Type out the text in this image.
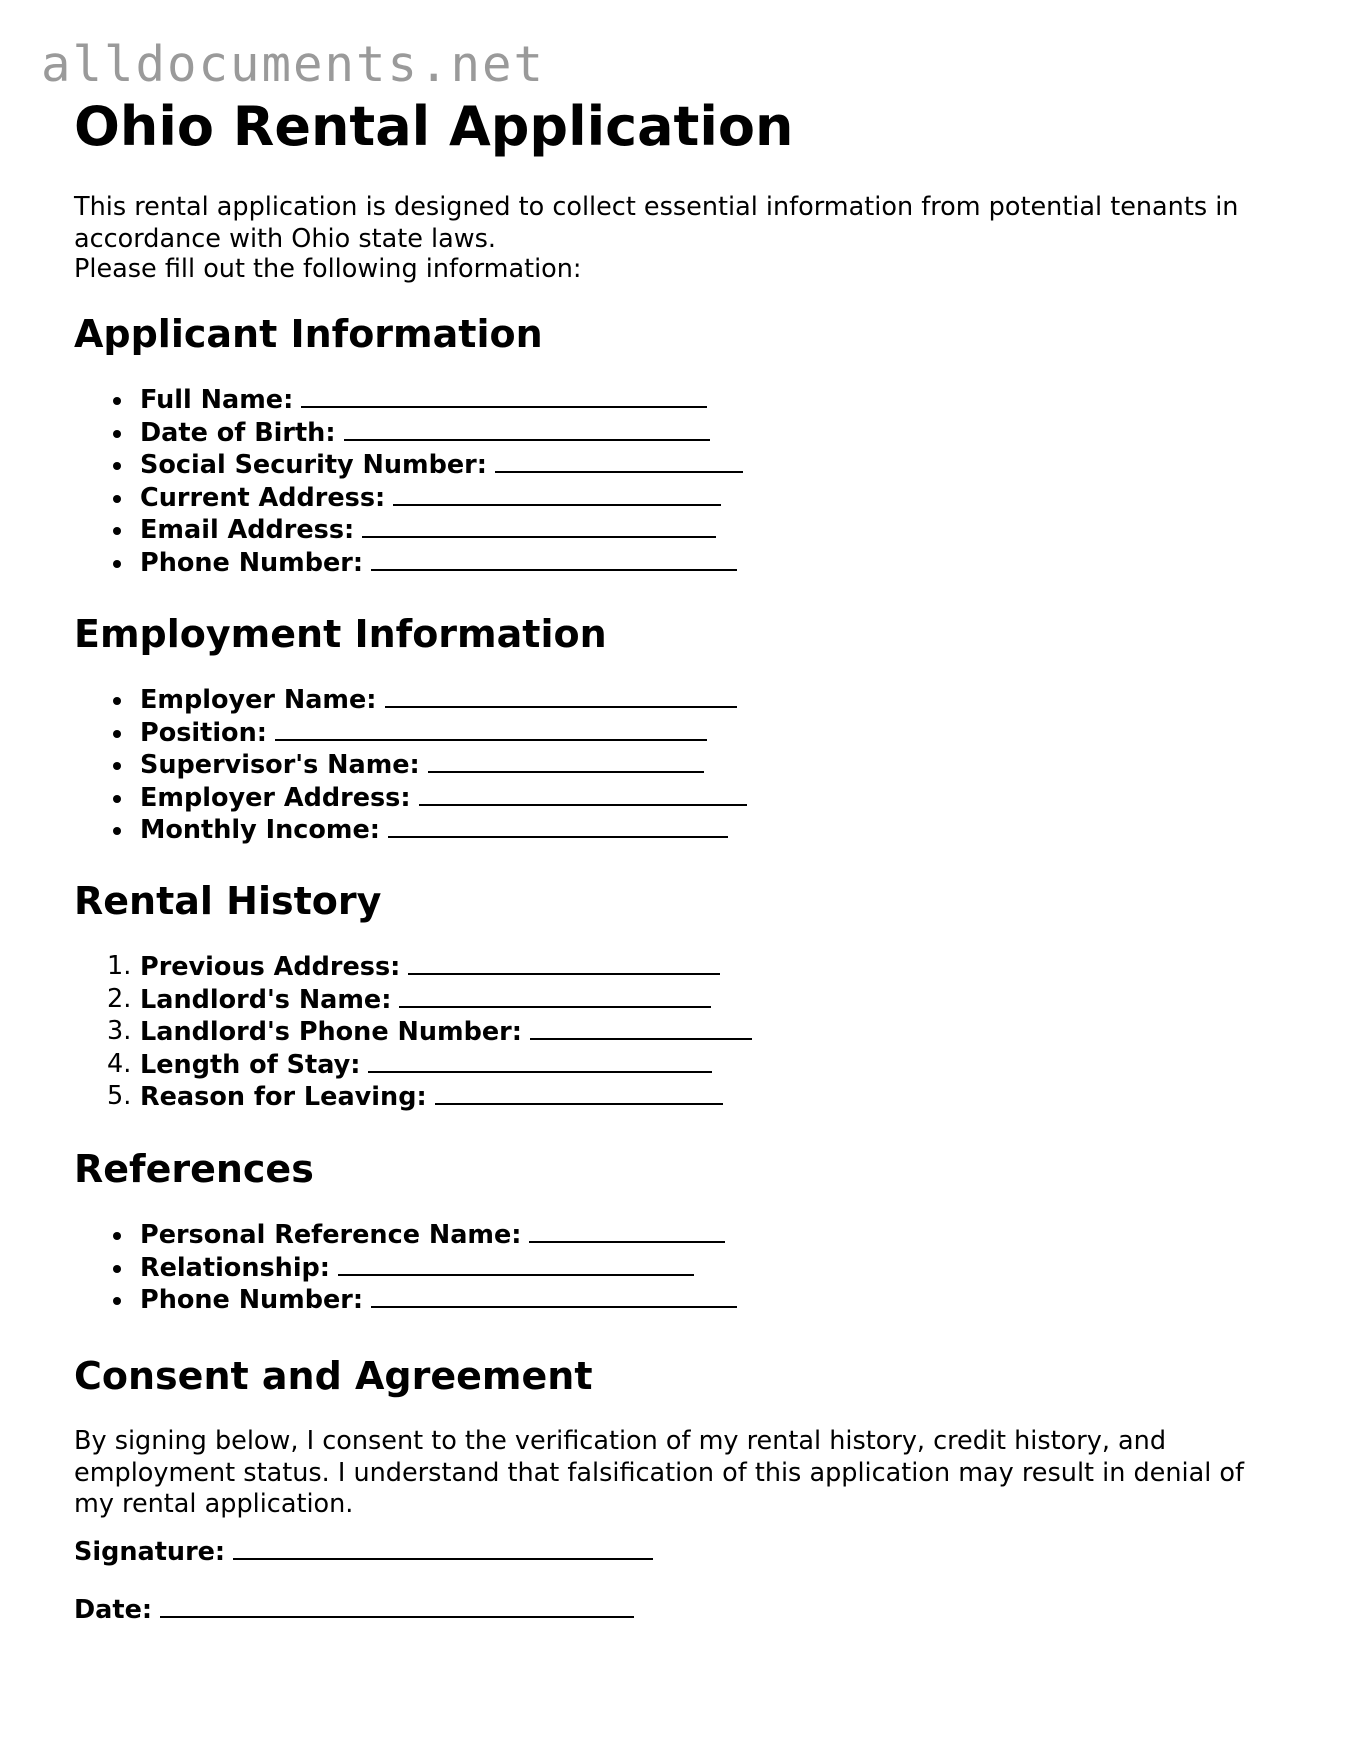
alldocuments.net
Ohio Rental Application

This rental application is designed to collect essential information from potential tenants in accordance with Ohio state laws.

Please fill out the following information:

Applicant Information
Full Name:
Date of Birth:
Social Security Number:
Current Address:
Email Address:
Phone Number:
Employment Information
Employer Name:
Position:
Supervisor's Name:
Employer Address:
Monthly Income:
Rental History
1. Previous Address:
2. Landlord's Name:
3. Landlord's Phone Number:
4. Length of Stay:
5. Reason for Leaving:
References
Personal Reference Name:
Relationship:
Phone Number:
Consent and Agreement

By signing below, I consent to the verification of my rental history, credit history, and employment status. I understand that falsification of this application may result in denial of my rental application.

Signature:
Date:
